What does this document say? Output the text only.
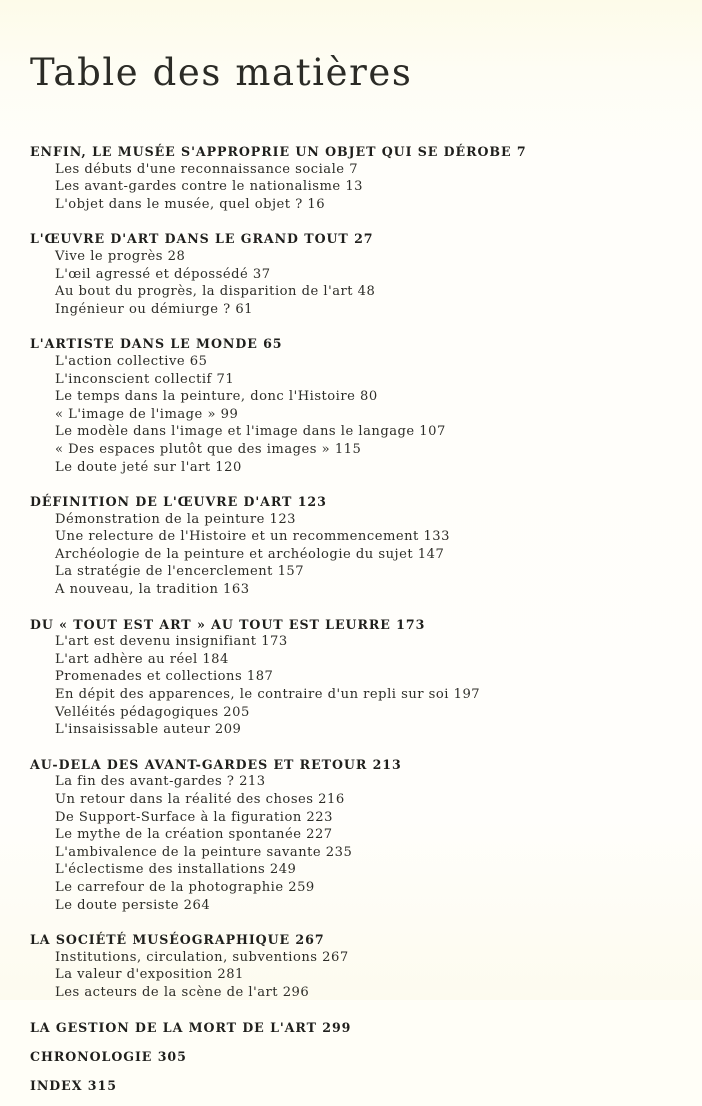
Table des matières
ENFIN, LE MUSÉE S'APPROPRIE UN OBJET QUI SE DÉROBE 7
Les débuts d'une reconnaissance sociale 7
Les avant-gardes contre le nationalisme 13
L'objet dans le musée, quel objet ? 16
L'ŒUVRE D'ART DANS LE GRAND TOUT 27
Vive le progrès 28
L'œil agressé et dépossédé 37
Au bout du progrès, la disparition de l'art 48
Ingénieur ou démiurge ? 61
L'ARTISTE DANS LE MONDE 65
L'action collective 65
L'inconscient collectif 71
Le temps dans la peinture, donc l'Histoire 80
« L'image de l'image » 99
Le modèle dans l'image et l'image dans le langage 107
« Des espaces plutôt que des images » 115
Le doute jeté sur l'art 120
DÉFINITION DE L'ŒUVRE D'ART 123
Démonstration de la peinture 123
Une relecture de l'Histoire et un recommencement 133
Archéologie de la peinture et archéologie du sujet 147
La stratégie de l'encerclement 157
A nouveau, la tradition 163
DU « TOUT EST ART » AU TOUT EST LEURRE 173
L'art est devenu insignifiant 173
L'art adhère au réel 184
Promenades et collections 187
En dépit des apparences, le contraire d'un repli sur soi 197
Velléités pédagogiques 205
L'insaisissable auteur 209
AU-DELA DES AVANT-GARDES ET RETOUR 213
La fin des avant-gardes ? 213
Un retour dans la réalité des choses 216
De Support-Surface à la figuration 223
Le mythe de la création spontanée 227
L'ambivalence de la peinture savante 235
L'éclectisme des installations 249
Le carrefour de la photographie 259
Le doute persiste 264
LA SOCIÉTÉ MUSÉOGRAPHIQUE 267
Institutions, circulation, subventions 267
La valeur d'exposition 281
Les acteurs de la scène de l'art 296
LA GESTION DE LA MORT DE L'ART 299
CHRONOLOGIE 305
INDEX 315
